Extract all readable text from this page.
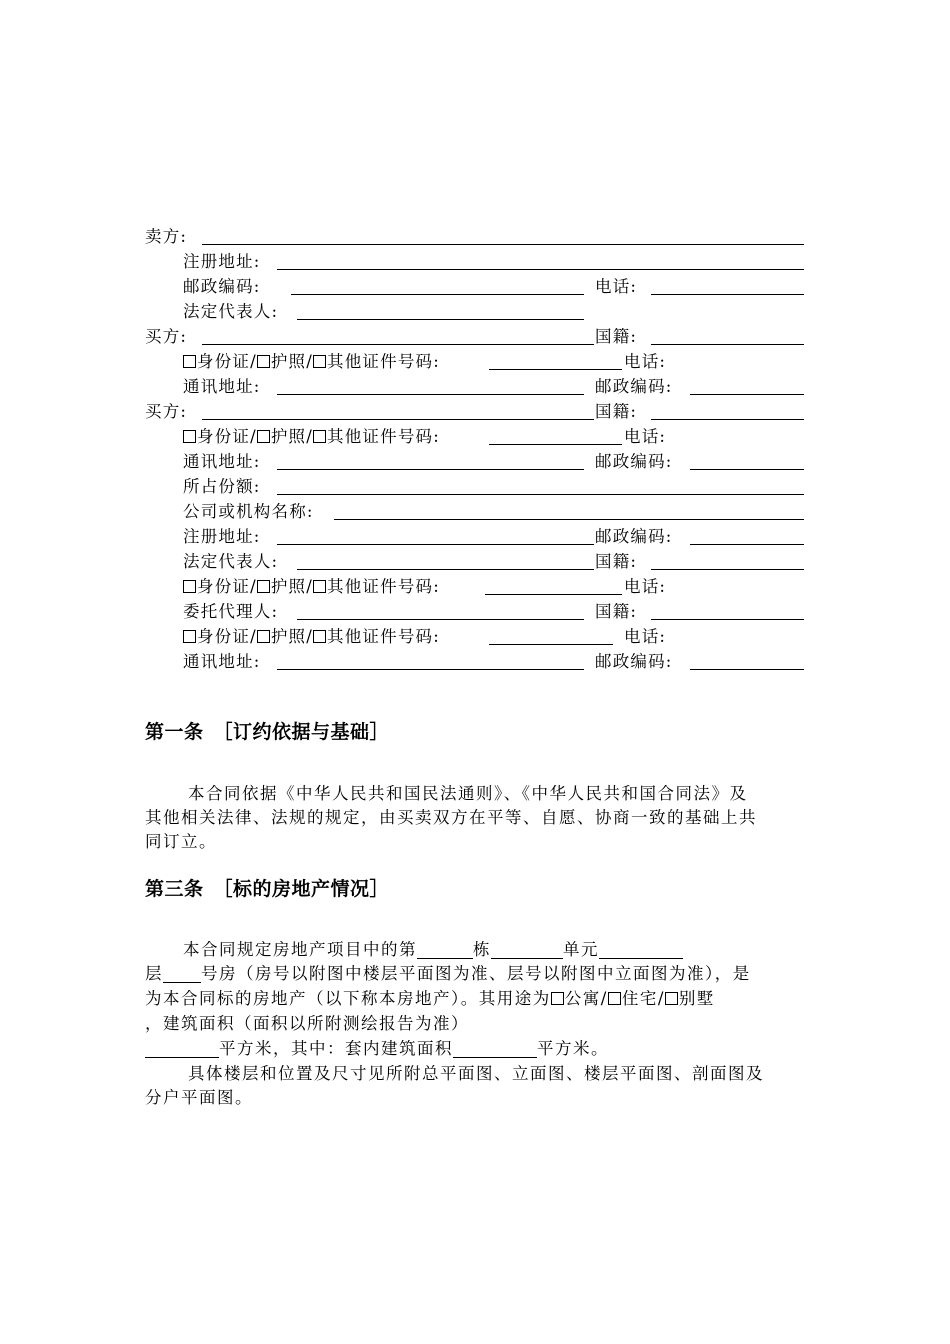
卖方:
注册地址:
邮政编码:	电话:
法定代表人:
买方:	国籍:
身份证/ 护照/ 其他证件号码:	电话:
通讯地址:	邮政编码:
买方:	国籍:
身份证/ 护照/ 其他证件号码:	电话:
通讯地址:	邮政编码:
所占份额:
公司或机构名称:
注册地址:	邮政编码:
法定代表人:	国籍:
身份证/ 护照/ 其他证件号码:	电话:
委托代理人:	国籍:
身份证/ 护照/ 其他证件号码:	电话:
通讯地址:	邮政编码:
第一条　［订约依据与基础］
本合同依据《中华人民共和国民法通则》、《中华人民共和国合同法》及
其他相关法律、法规的规定，由买卖双方在平等、自愿、协商一致的基础上共
同订立。
第三条　［标的房地产情况］
本合同规定房地产项目中的第	栋	单元
层 号房（房号以附图中楼层平面图为准、层号以附图中立面图为准），是
为本合同标的房地产（以下称本房地产）。其用途为 公寓/ 住宅/ 别墅
，建筑面积（面积以所附测绘报告为准）
平方米，其中：套内建筑面积	平方米。
具体楼层和位置及尺寸见所附总平面图、立面图、楼层平面图、剖面图及
分户平面图。
